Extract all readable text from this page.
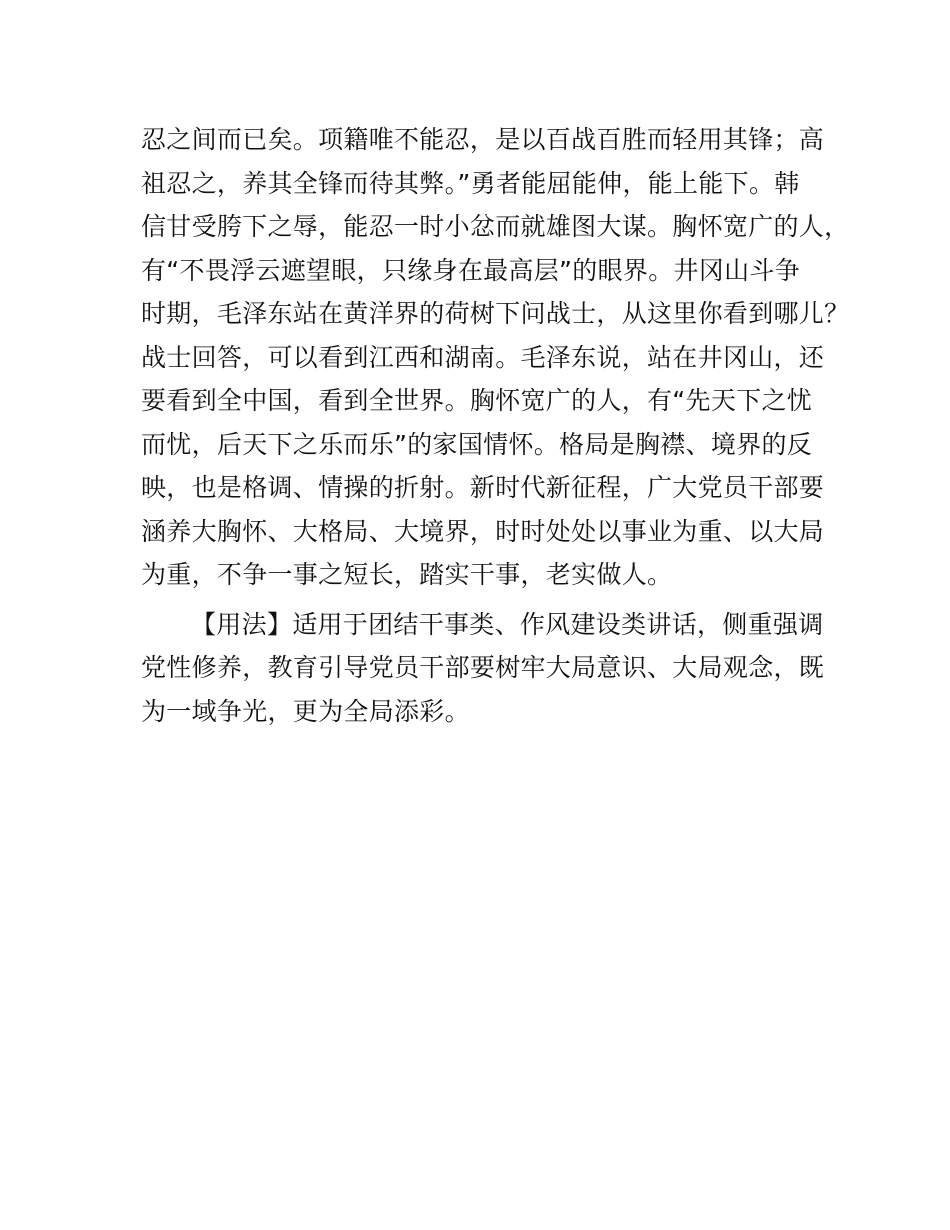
忍之间而已矣。项籍唯不能忍，是以百战百胜而轻用其锋；高
祖忍之，养其全锋而待其弊。”勇者能屈能伸，能上能下。韩
信甘受胯下之辱，能忍一时小忿而就雄图大谋。胸怀宽广的人，
有“不畏浮云遮望眼，只缘身在最高层”的眼界。井冈山斗争
时期，毛泽东站在黄洋界的荷树下问战士，从这里你看到哪儿？
战士回答，可以看到江西和湖南。毛泽东说，站在井冈山，还
要看到全中国，看到全世界。胸怀宽广的人，有“先天下之忧
而忧，后天下之乐而乐”的家国情怀。格局是胸襟、境界的反
映，也是格调、情操的折射。新时代新征程，广大党员干部要
涵养大胸怀、大格局、大境界，时时处处以事业为重、以大局
为重，不争一事之短长，踏实干事，老实做人。

【用法】适用于团结干事类、作风建设类讲话，侧重强调
党性修养，教育引导党员干部要树牢大局意识、大局观念，既
为一域争光，更为全局添彩。
